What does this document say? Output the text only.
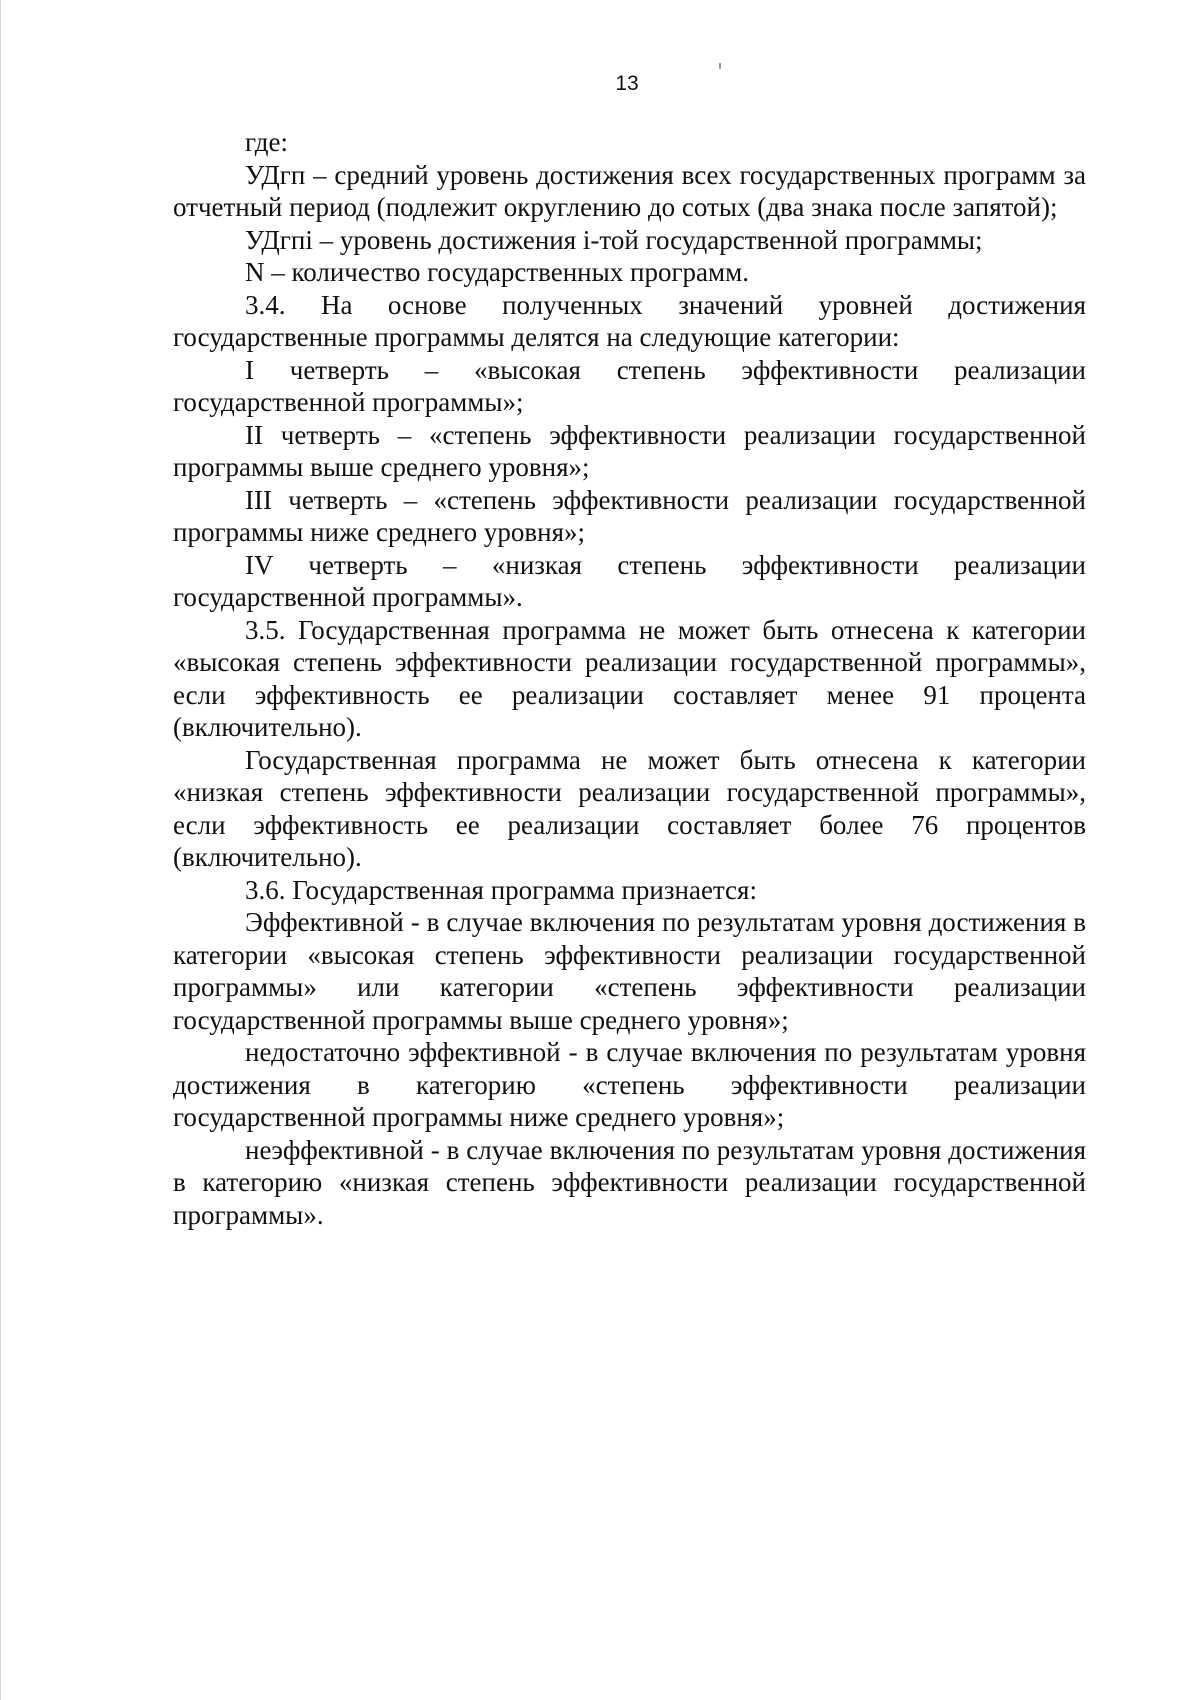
13

где:

УДгп – средний уровень достижения всех государственных программ за отчетный период (подлежит округлению до сотых (два знака после запятой);

УДгпi – уровень достижения i-той государственной программы;

N – количество государственных программ.

3.4. На основе полученных значений уровней достижения государственные программы делятся на следующие категории:

I четверть – «высокая степень эффективности реализации государственной программы»;

II четверть – «степень эффективности реализации государственной программы выше среднего уровня»;

III четверть – «степень эффективности реализации государственной программы ниже среднего уровня»;

IV четверть – «низкая степень эффективности реализации государственной программы».

3.5. Государственная программа не может быть отнесена к категории «высокая степень эффективности реализации государственной программы», если эффективность ее реализации составляет менее 91 процента (включительно).

Государственная программа не может быть отнесена к категории «низкая степень эффективности реализации государственной программы», если эффективность ее реализации составляет более 76 процентов (включительно).

3.6. Государственная программа признается:

Эффективной - в случае включения по результатам уровня достижения в категории «высокая степень эффективности реализации государственной программы» или категории «степень эффективности реализации государственной программы выше среднего уровня»;

недостаточно эффективной - в случае включения по результатам уровня достижения в категорию «степень эффективности реализации государственной программы ниже среднего уровня»;

неэффективной - в случае включения по результатам уровня достижения в категорию «низкая степень эффективности реализации государственной программы».
